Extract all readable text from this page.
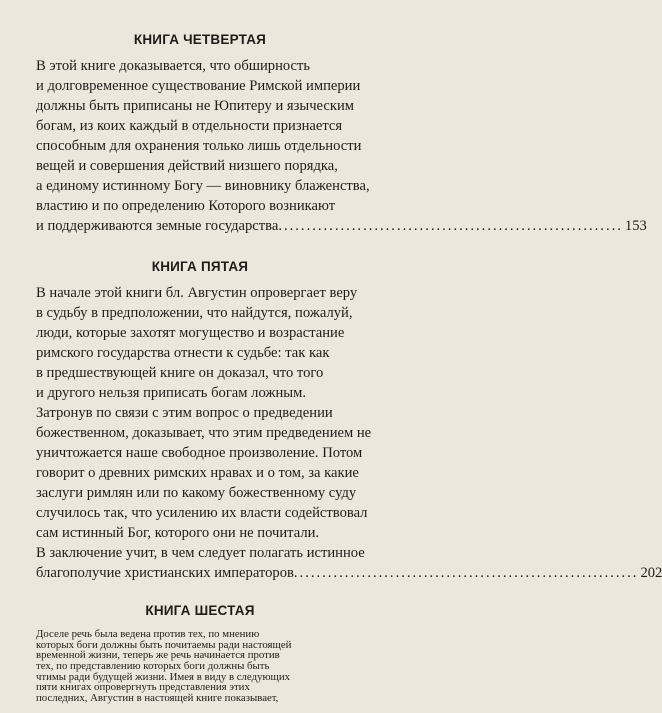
КНИГА ЧЕТВЕРТАЯ
В этой книге доказывается, что обширность
и долговременное существование Римской империи
должны быть приписаны не Юпитеру и языческим
богам, из коих каждый в отдельности признается
способным для охранения только лишь отдельности
вещей и совершения действий низшего порядка,
а единому истинному Богу — виновнику блаженства,
властию и по определению Которого возникают
и поддерживаются земные государства. ............................................................ 153
КНИГА ПЯТАЯ
В начале этой книги бл. Августин опровергает веру
в судьбу в предположении, что найдутся, пожалуй,
люди, которые захотят могущество и возрастание
римского государства отнести к судьбе: так как
в предшествующей книге он доказал, что того
и другого нельзя приписать богам ложным.
Затронув по связи с этим вопрос о предведении
божественном, доказывает, что этим предведением не
уничтожается наше свободное произволение. Потом
говорит о древних римских нравах и о том, за какие
заслуги римлян или по какому божественному суду
случилось так, что усилению их власти содействовал
сам истинный Бог, которого они не почитали.
В заключение учит, в чем следует полагать истинное
благополучие христианских императоров. ............................................................ 202
КНИГА ШЕСТАЯ
Доселе речь была ведена против тех, по мнению
которых боги должны быть почитаемы ради настоящей
временной жизни, теперь же речь начинается против
тех, по представлению которых боги должны быть
чтимы ради будущей жизни. Имея в виду в следующих
пяти книгах опровергнуть представления этих
последних, Августин в настоящей книге показывает,
